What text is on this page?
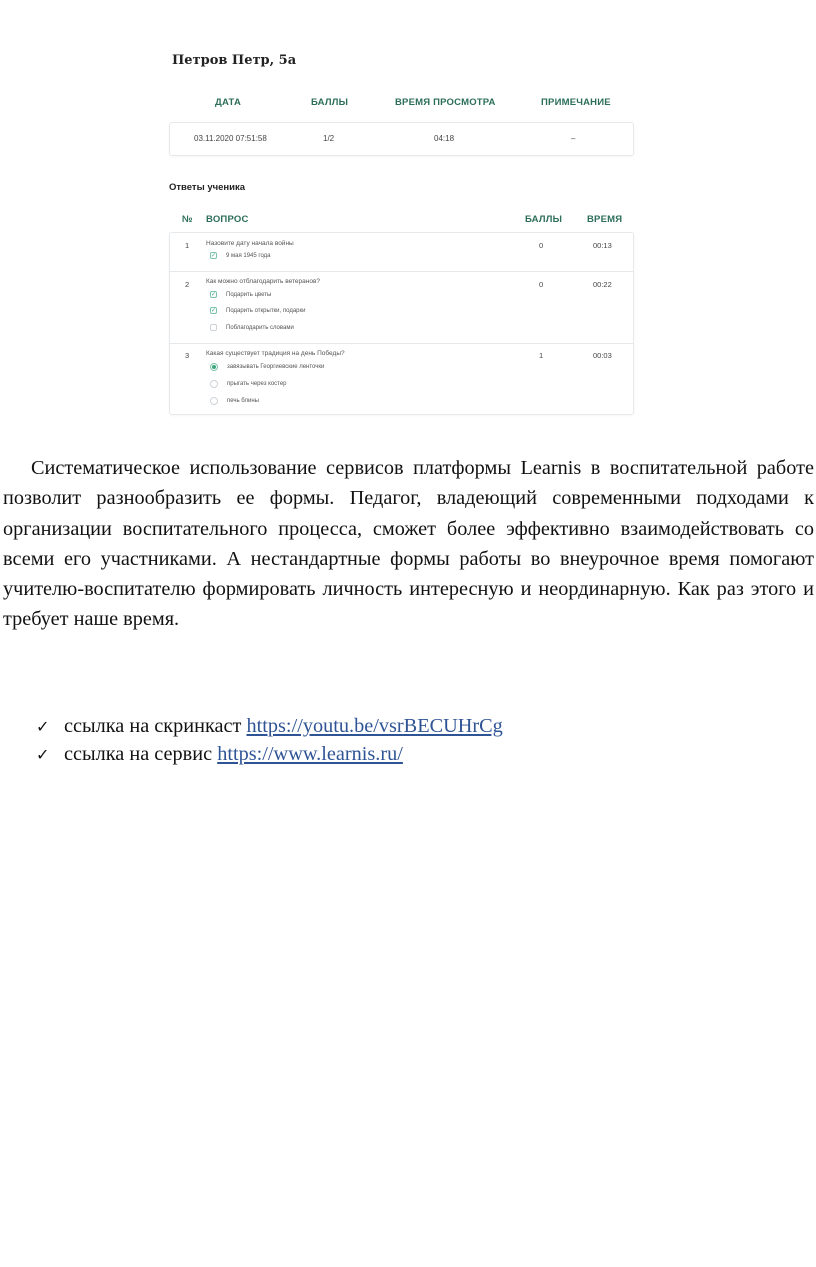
Петров Петр, 5а
ДАТА	БАЛЛЫ	ВРЕМЯ ПРОСМОТРА	ПРИМЕЧАНИЕ
03.11.2020 07:51:58	1/2	04:18	–
Ответы ученика
№ ВОПРОС	БАЛЛЫ	ВРЕМЯ
1	Назовите дату начала войны	0	00:13
✓ 9 мая 1945 года
2	Как можно отблагодарить ветеранов?	0	00:22
✓ Подарить цветы
✓ Подарить открытки, подарки
Поблагодарить словами
3	Какая существует традиция на день Победы?	1	00:03
завязывать Георгиевские ленточки
прыгать через костер
печь блины

Систематическое использование сервисов платформы Learnis в воспитательной работе позволит разнообразить ее формы. Педагог, владеющий современными подходами к организации воспитательного процесса, сможет более эффективно взаимодействовать со всеми его участниками. А нестандартные формы работы во внеурочное время помогают учителю-воспитателю формировать личность интересную и неординарную. Как раз этого и требует наше время.

✓ ссылка на скринкаст https://youtu.be/vsrBECUHrCg
✓ ссылка на сервис https://www.learnis.ru/
